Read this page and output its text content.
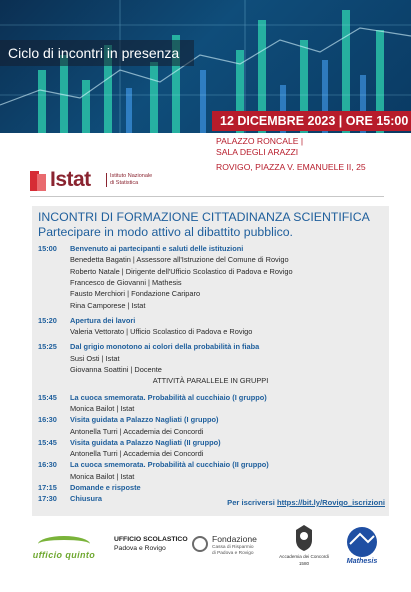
Ciclo di incontri in presenza
12 DICEMBRE 2023 | ORE 15:00
PALAZZO RONCALE |
SALA DEGLI ARAZZI
ROVIGO, PIAZZA V. EMANUELE II, 25
Istat	Istituto Nazionale
di Statistica
INCONTRI DI FORMAZIONE CITTADINANZA SCIENTIFICA
Partecipare in modo attivo al dibattito pubblico.
Per iscriversi https://bit.ly/Rovigo_iscrizioni
15:00 Benvenuto ai partecipanti e saluti delle istituzioni
Benedetta Bagatin | Assessore all'Istruzione del Comune di Rovigo
Roberto Natale | Dirigente dell'Ufficio Scolastico di Padova e Rovigo
Francesco de Giovanni | Mathesis
Fausto Merchiori | Fondazione Cariparo
Rina Camporese | Istat
15:20 Apertura dei lavori
Valeria Vettorato | Ufficio Scolastico di Padova e Rovigo
15:25 Dal grigio monotono ai colori della probabilità in fiaba
Susi Osti | Istat
Giovanna Soattini | Docente
ATTIVITÀ PARALLELE IN GRUPPI
15:45 La cuoca smemorata. Probabilità al cucchiaio (I gruppo)
Monica Bailot | Istat
16:30 Visita guidata a Palazzo Nagliati (I gruppo)
Antonella Turri | Accademia dei Concordi
15:45 Visita guidata a Palazzo Nagliati (II gruppo)
Antonella Turri | Accademia dei Concordi
16:30 La cuoca smemorata. Probabilità al cucchiaio (II gruppo)
Monica Bailot | Istat
17:15 Domande e risposte
17:30 Chiusura
ufficio quinto
UFFICIO SCOLASTICO
Padova e Rovigo
Fondazione
Cassa di Risparmio
di Padova e Rovigo
Accademia dei Concordi
1580	Mathesis
